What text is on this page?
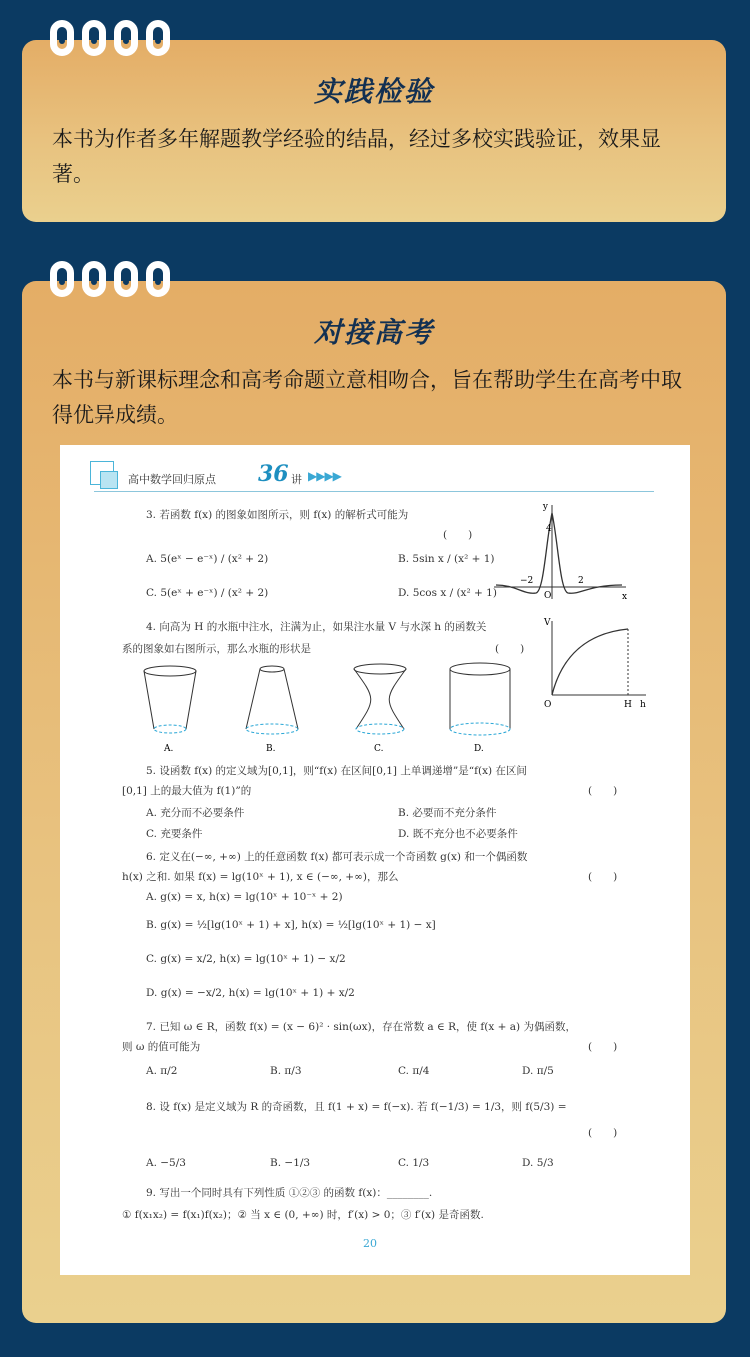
实践检验
本书为作者多年解题教学经验的结晶，经过多校实践验证，效果显著。
对接高考
本书与新课标理念和高考命题立意相吻合，旨在帮助学生在高考中取得优异成绩。
高中数学回归原点 36 讲 ▶▶▶▶
3. 若函数 f(x) 的图象如图所示，则 f(x) 的解析式可能为
(　　)
A. 5(eˣ − e⁻ˣ) / (x² + 2)	B. 5sin x / (x² + 1)
C. 5(eˣ + e⁻ˣ) / (x² + 2)	D. 5cos x / (x² + 1)
y
x
O
−2	2
4
4. 向高为 H 的水瓶中注水，注满为止，如果注水量 V 与水深 h 的函数关
系的图象如右图所示，那么水瓶的形状是	(　　)
A.	B.	C.	D.
V
O	H h
5. 设函数 f(x) 的定义域为[0,1]，则“f(x) 在区间[0,1] 上单调递增”是“f(x) 在区间
[0,1] 上的最大值为 f(1)”的	(　　)
A. 充分而不必要条件	B. 必要而不充分条件
C. 充要条件	D. 既不充分也不必要条件
6. 定义在(−∞, +∞) 上的任意函数 f(x) 都可表示成一个奇函数 g(x) 和一个偶函数
h(x) 之和. 如果 f(x) = lg(10ˣ + 1), x ∈ (−∞, +∞)，那么	(　　)
A. g(x) = x, h(x) = lg(10ˣ + 10⁻ˣ + 2)
B. g(x) = ½[lg(10ˣ + 1) + x], h(x) = ½[lg(10ˣ + 1) − x]
C. g(x) = x/2, h(x) = lg(10ˣ + 1) − x/2
D. g(x) = −x/2, h(x) = lg(10ˣ + 1) + x/2
7. 已知 ω ∈ R，函数 f(x) = (x − 6)² · sin(ωx)，存在常数 a ∈ R，使 f(x + a) 为偶函数，
则 ω 的值可能为	(　　)
A. π/2	B. π/3	C. π/4	D. π/5
8. 设 f(x) 是定义域为 R 的奇函数，且 f(1 + x) = f(−x). 若 f(−1/3) = 1/3，则 f(5/3) =
(　　)
A. −5/3	B. −1/3	C. 1/3	D. 5/3
9. 写出一个同时具有下列性质 ①②③ 的函数 f(x)：________.
① f(x₁x₂) = f(x₁)f(x₂)；② 当 x ∈ (0, +∞) 时，f′(x) > 0；③ f′(x) 是奇函数.
20
